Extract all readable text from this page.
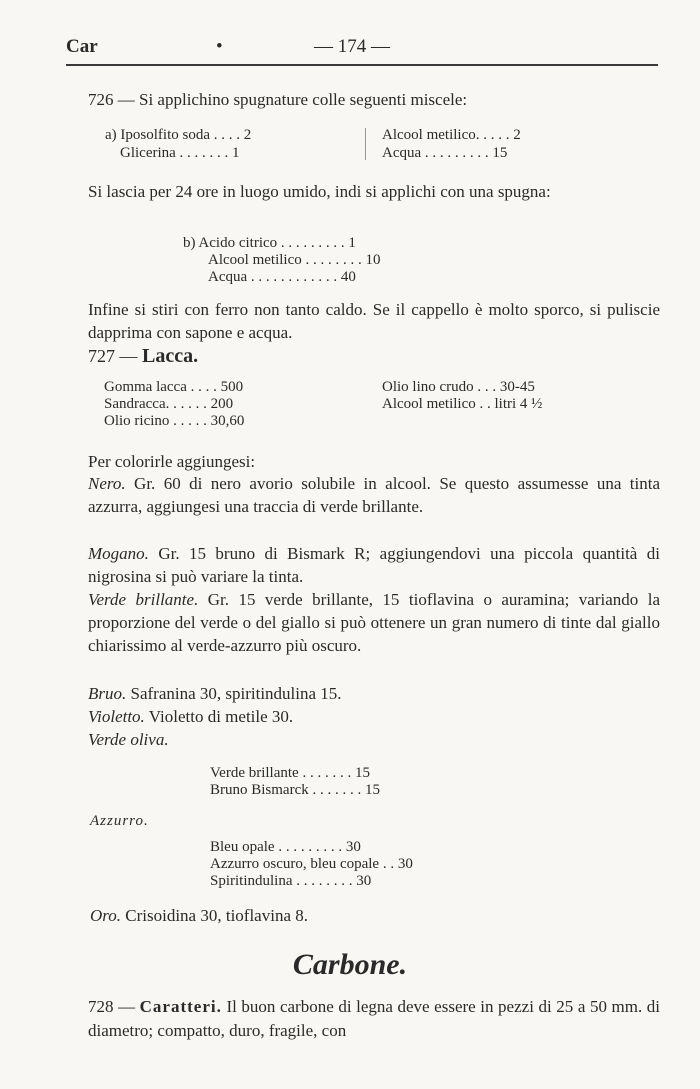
Car	•	— 174 —

726 — Si applichino spugnature colle seguenti miscele:

a) Iposolfito soda . . . . 2
Glicerina . . . . . . . 1
Alcool metilico. . . . . 2
Acqua . . . . . . . . . 15

Si lascia per 24 ore in luogo umido, indi si applichi con una spugna:

b) Acido citrico . . . . . . . . . 1
Alcool metilico . . . . . . . . 10
Acqua . . . . . . . . . . . . 40

Infine si stiri con ferro non tanto caldo. Se il cappello è molto sporco, si puliscie dapprima con sapone e acqua.

727 — Lacca.
Gomma lacca . . . . 500
Sandracca. . . . . . 200
Olio ricino . . . . . 30,60
Olio lino crudo . . . 30-45
Alcool metilico . . litri 4 ½

Per colorirle aggiungesi:

Nero. Gr. 60 di nero avorio solubile in alcool. Se questo assumesse una tinta azzurra, aggiungesi una traccia di verde brillante.

Mogano. Gr. 15 bruno di Bismark R; aggiungendovi una piccola quantità di nigrosina si può variare la tinta.

Verde brillante. Gr. 15 verde brillante, 15 tioflavina o auramina; variando la proporzione del verde o del giallo si può ottenere un gran numero di tinte dal giallo chiarissimo al verde-azzurro più oscuro.

Bruo. Safranina 30, spiritindulina 15.

Violetto. Violetto di metile 30.

Verde oliva.

Verde brillante . . . . . . . 15
Bruno Bismarck . . . . . . . 15

Azzurro.

Bleu opale . . . . . . . . . 30
Azzurro oscuro, bleu copale . . 30
Spiritindulina . . . . . . . . 30

Oro. Crisoidina 30, tioflavina 8.

Carbone.

728 — Caratteri. Il buon carbone di legna deve essere in pezzi di 25 a 50 mm. di diametro; compatto, duro, fragile, con
